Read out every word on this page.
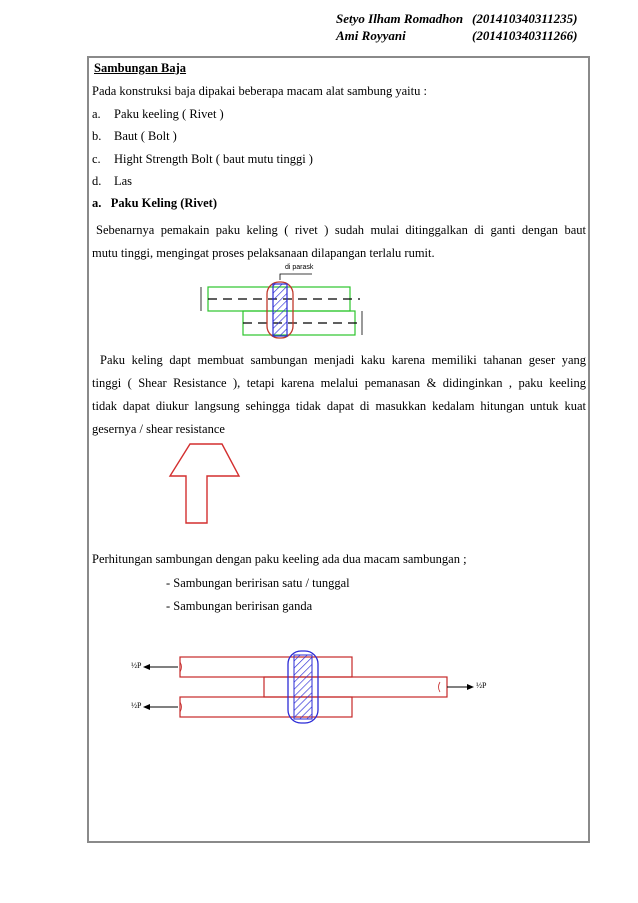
Setyo Ilham Romadhon (201410340311235)
Ami Royyani	(201410340311266)
Sambungan Baja
Pada konstruksi baja dipakai beberapa macam alat sambung yaitu :
a. Paku keeling ( Rivet )
b. Baut ( Bolt )
c. Hight Strength Bolt ( baut mutu tinggi )
d. Las
a.   Paku Keling (Rivet)
Sebenarnya pemakain paku keling ( rivet ) sudah mulai ditinggalkan di ganti dengan baut
mutu tinggi, mengingat proses pelaksanaan dilapangan terlalu rumit.
di parask
Paku keling dapt membuat sambungan menjadi kaku karena memiliki tahanan geser yang
tinggi ( Shear Resistance ), tetapi karena melalui pemanasan & didinginkan , paku keeling
tidak dapat diukur langsung sehingga tidak dapat di masukkan kedalam hitungan untuk kuat
gesernya / shear resistance
Perhitungan sambungan dengan paku keeling ada dua macam sambungan ;
- Sambungan beririsan satu / tunggal
- Sambungan beririsan ganda
½P
½P
½P
